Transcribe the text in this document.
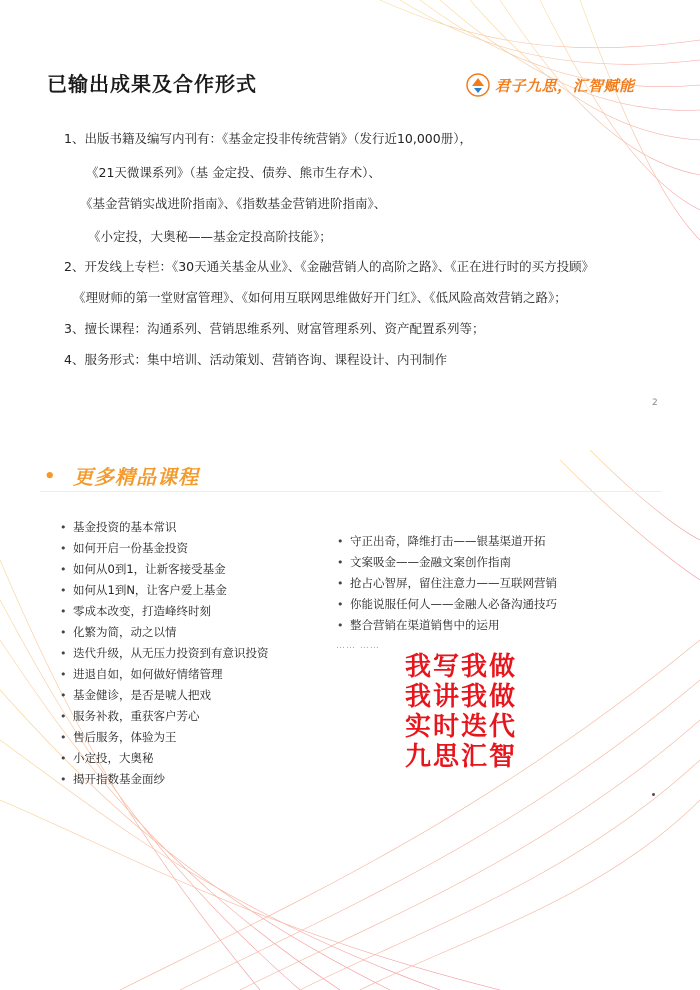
已输出成果及合作形式	君子九思，汇智赋能
1、出版书籍及编写内刊有：《基金定投非传统营销》（发行近10,000册），
《21天微课系列》（基 金定投、债券、熊市生存术）、
《基金营销实战进阶指南》、《指数基金营销进阶指南》、
《小定投，大奥秘——基金定投高阶技能》；
2、开发线上专栏：《30天通关基金从业》、《金融营销人的高阶之路》、《正在进行时的买方投顾》
《理财师的第一堂财富管理》、《如何用互联网思维做好开门红》、《低风险高效营销之路》；
3、擅长课程：沟通系列、营销思维系列、财富管理系列、资产配置系列等；
4、服务形式：集中培训、活动策划、营销咨询、课程设计、内刊制作
2
• 更多精品课程
• 基金投资的基本常识
• 如何开启一份基金投资
• 如何从0到1，让新客接受基金
• 如何从1到N，让客户爱上基金
• 零成本改变，打造峰终时刻
• 化繁为简，动之以情
• 迭代升级，从无压力投资到有意识投资
• 进退自如，如何做好情绪管理
• 基金健诊，是否是唬人把戏
• 服务补救，重获客户芳心
• 售后服务，体验为王
• 小定投，大奥秘
• 揭开指数基金面纱
• 守正出奇，降维打击——银基渠道开拓
• 文案吸金——金融文案创作指南
• 抢占心智屏，留住注意力——互联网营销
• 你能说服任何人——金融人必备沟通技巧
• 整合营销在渠道销售中的运用
…… ……
我写我做
我讲我做
实时迭代
九思汇智
